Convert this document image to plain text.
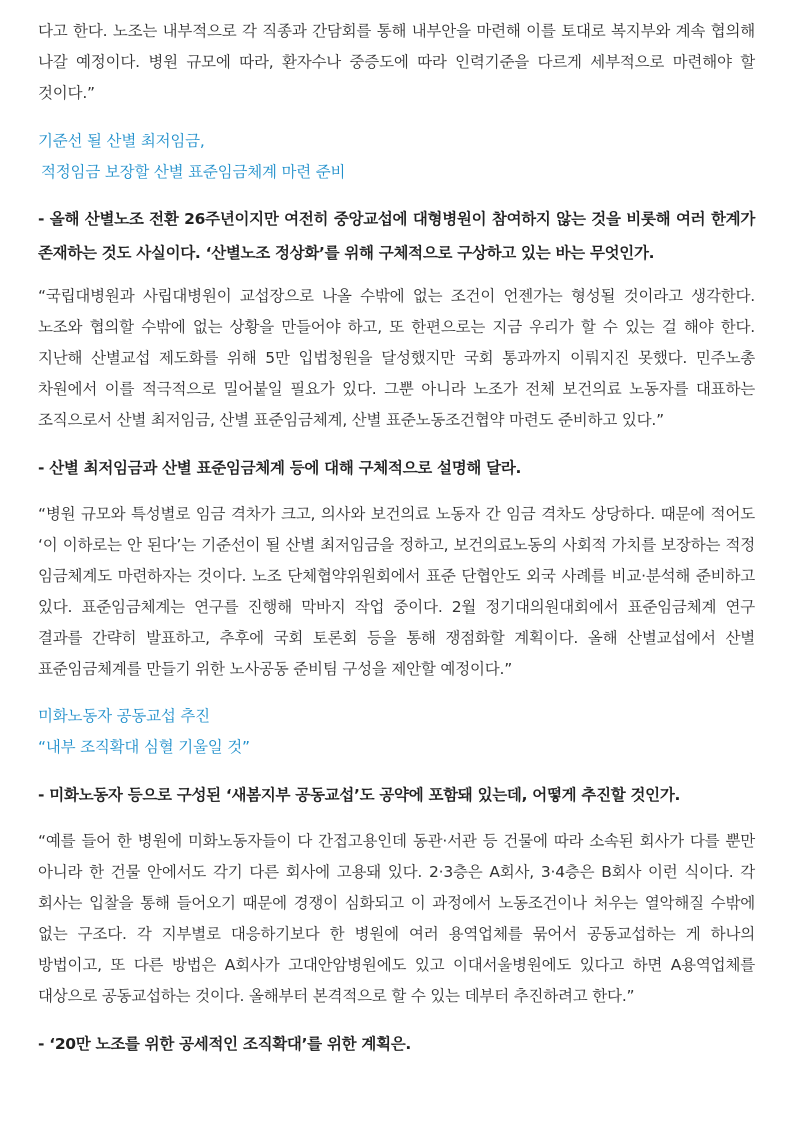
다고 한다. 노조는 내부적으로 각 직종과 간담회를 통해 내부안을 마련해 이를 토대로 복지부와 계속 협의해 나갈 예정이다. 병원 규모에 따라, 환자수나 중증도에 따라 인력기준을 다르게 세부적으로 마련해야 할 것이다.”

기준선 될 산별 최저임금,

적정임금 보장할 산별 표준임금체계 마련 준비

- 올해 산별노조 전환 26주년이지만 여전히 중앙교섭에 대형병원이 참여하지 않는 것을 비롯해 여러 한계가 존재하는 것도 사실이다. ‘산별노조 정상화’를 위해 구체적으로 구상하고 있는 바는 무엇인가.

“국립대병원과 사립대병원이 교섭장으로 나올 수밖에 없는 조건이 언젠가는 형성될 것이라고 생각한다. 노조와 협의할 수밖에 없는 상황을 만들어야 하고, 또 한편으로는 지금 우리가 할 수 있는 걸 해야 한다. 지난해 산별교섭 제도화를 위해 5만 입법청원을 달성했지만 국회 통과까지 이뤄지진 못했다. 민주노총 차원에서 이를 적극적으로 밀어붙일 필요가 있다. 그뿐 아니라 노조가 전체 보건의료 노동자를 대표하는 조직으로서 산별 최저임금, 산별 표준임금체계, 산별 표준노동조건협약 마련도 준비하고 있다.”

- 산별 최저임금과 산별 표준임금체계 등에 대해 구체적으로 설명해 달라.

“병원 규모와 특성별로 임금 격차가 크고, 의사와 보건의료 노동자 간 임금 격차도 상당하다. 때문에 적어도 ‘이 이하로는 안 된다’는 기준선이 될 산별 최저임금을 정하고, 보건의료노동의 사회적 가치를 보장하는 적정 임금체계도 마련하자는 것이다. 노조 단체협약위원회에서 표준 단협안도 외국 사례를 비교·분석해 준비하고 있다. 표준임금체계는 연구를 진행해 막바지 작업 중이다. 2월 정기대의원대회에서 표준임금체계 연구 결과를 간략히 발표하고, 추후에 국회 토론회 등을 통해 쟁점화할 계획이다. 올해 산별교섭에서 산별 표준임금체계를 만들기 위한 노사공동 준비팀 구성을 제안할 예정이다.”

미화노동자 공동교섭 추진

“내부 조직확대 심혈 기울일 것”

- 미화노동자 등으로 구성된 ‘새봄지부 공동교섭’도 공약에 포함돼 있는데, 어떻게 추진할 것인가.

“예를 들어 한 병원에 미화노동자들이 다 간접고용인데 동관·서관 등 건물에 따라 소속된 회사가 다를 뿐만 아니라 한 건물 안에서도 각기 다른 회사에 고용돼 있다. 2·3층은 A회사, 3·4층은 B회사 이런 식이다. 각 회사는 입찰을 통해 들어오기 때문에 경쟁이 심화되고 이 과정에서 노동조건이나 처우는 열악해질 수밖에 없는 구조다. 각 지부별로 대응하기보다 한 병원에 여러 용역업체를 묶어서 공동교섭하는 게 하나의 방법이고, 또 다른 방법은 A회사가 고대안암병원에도 있고 이대서울병원에도 있다고 하면 A용역업체를 대상으로 공동교섭하는 것이다. 올해부터 본격적으로 할 수 있는 데부터 추진하려고 한다.”

- ‘20만 노조를 위한 공세적인 조직확대’를 위한 계획은.
